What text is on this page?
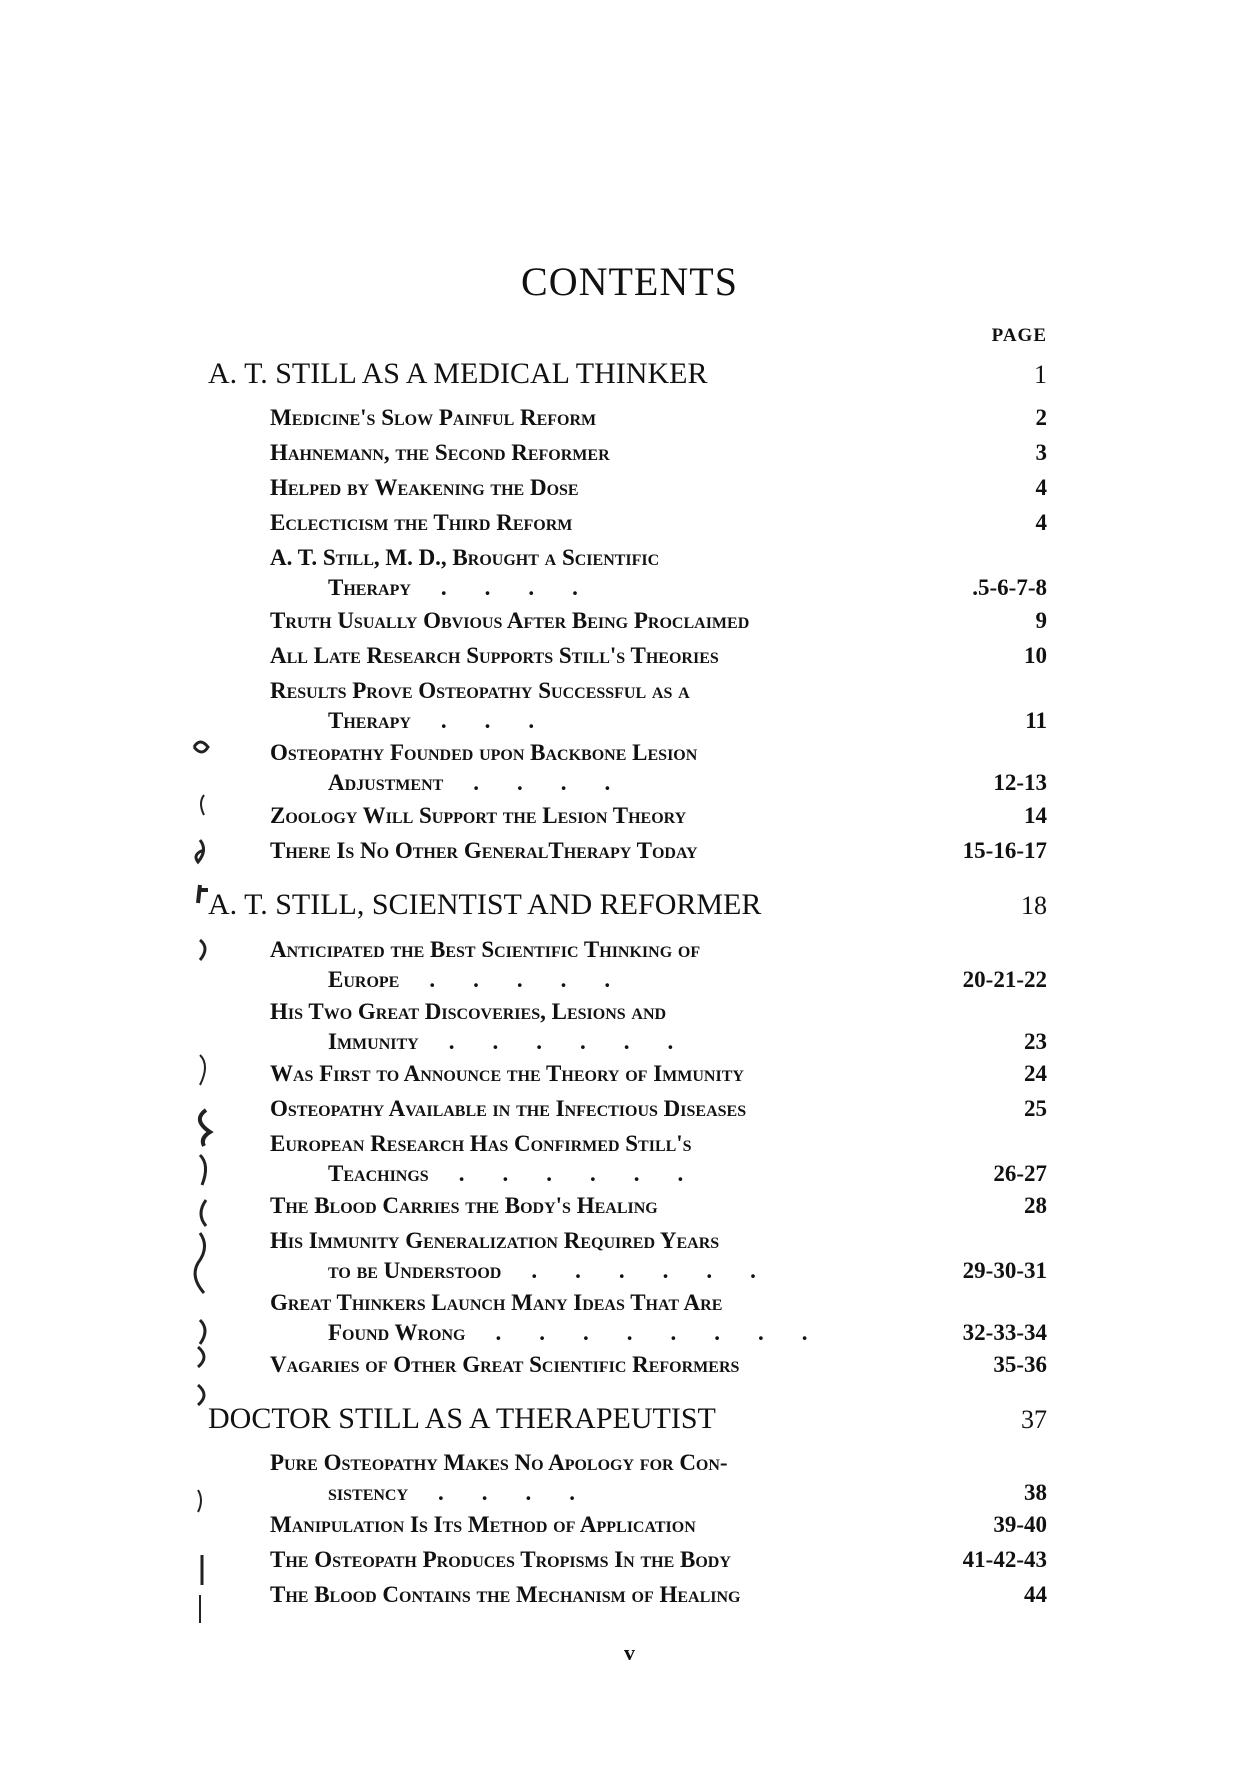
CONTENTS
PAGE
A. T. STILL AS A MEDICAL THINKER	1
Medicine's Slow Painful Reform	2
Hahnemann, the Second Reformer	3
Helped by Weakening the Dose	4
Eclecticism the Third Reform	4
A. T. Still, M. D., Brought a Scientific
Therapy	....	.5-6-7-8
Truth Usually Obvious After Being Proclaimed	9
All Late Research Supports Still's Theories	10
Results Prove Osteopathy Successful as a
Therapy	...	11
Osteopathy Founded upon Backbone Lesion
Adjustment	....	12-13
Zoology Will Support the Lesion Theory	14
There Is No Other GeneralTherapy Today	15-16-17
A. T. STILL, SCIENTIST AND REFORMER	18
Anticipated the Best Scientific Thinking of
Europe	.....	20-21-22
His Two Great Discoveries, Lesions and
Immunity	......	23
Was First to Announce the Theory of Immunity	24
Osteopathy Available in the Infectious Diseases	25
European Research Has Confirmed Still's
Teachings	......	26-27
The Blood Carries the Body's Healing	28
His Immunity Generalization Required Years
to be Understood	......	29-30-31
Great Thinkers Launch Many Ideas That Are
Found Wrong	........	32-33-34
Vagaries of Other Great Scientific Reformers	35-36
DOCTOR STILL AS A THERAPEUTIST	37
Pure Osteopathy Makes No Apology for Con-
sistency	....	38
Manipulation Is Its Method of Application	39-40
The Osteopath Produces Tropisms In the Body	41-42-43
The Blood Contains the Mechanism of Healing	44
v
